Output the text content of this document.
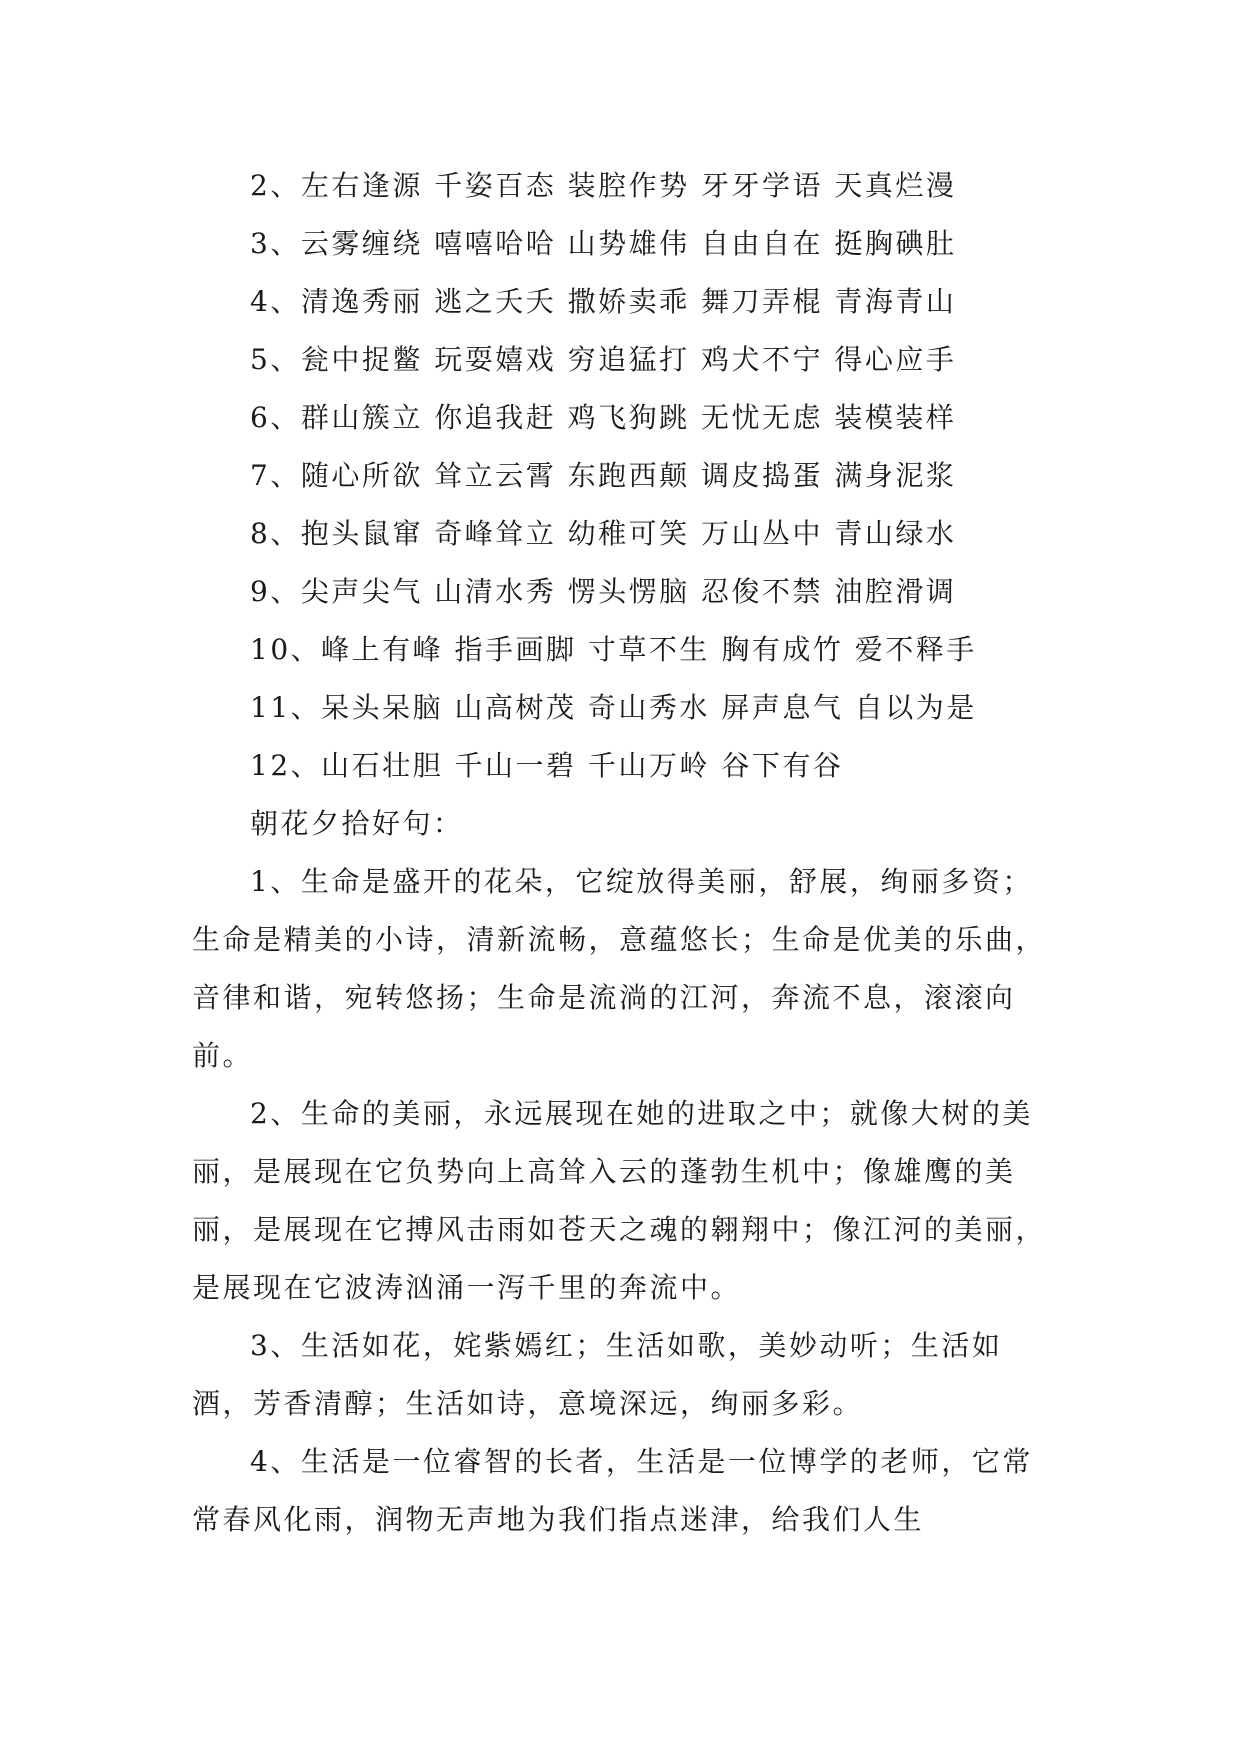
2、左右逢源 千姿百态 装腔作势 牙牙学语 天真烂漫
3、云雾缠绕 嘻嘻哈哈 山势雄伟 自由自在 挺胸碘肚
4、清逸秀丽 逃之夭夭 撒娇卖乖 舞刀弄棍 青海青山
5、瓮中捉鳖 玩耍嬉戏 穷追猛打 鸡犬不宁 得心应手
6、群山簇立 你追我赶 鸡飞狗跳 无忧无虑 装模装样
7、随心所欲 耸立云霄 东跑西颠 调皮捣蛋 满身泥浆
8、抱头鼠窜 奇峰耸立 幼稚可笑 万山丛中 青山绿水
9、尖声尖气 山清水秀 愣头愣脑 忍俊不禁 油腔滑调
10、峰上有峰 指手画脚 寸草不生 胸有成竹 爱不释手
11、呆头呆脑 山高树茂 奇山秀水 屏声息气 自以为是
12、山石壮胆 千山一碧 千山万岭 谷下有谷
朝花夕拾好句：

1、生命是盛开的花朵，它绽放得美丽，舒展，绚丽多资；生命是精美的小诗，清新流畅，意蕴悠长；生命是优美的乐曲，音律和谐，宛转悠扬；生命是流淌的江河，奔流不息，滚滚向前。

2、生命的美丽，永远展现在她的进取之中；就像大树的美丽，是展现在它负势向上高耸入云的蓬勃生机中；像雄鹰的美丽，是展现在它搏风击雨如苍天之魂的翱翔中；像江河的美丽，是展现在它波涛汹涌一泻千里的奔流中。

3、生活如花，姹紫嫣红；生活如歌，美妙动听；生活如酒，芳香清醇；生活如诗，意境深远，绚丽多彩。

4、生活是一位睿智的长者，生活是一位博学的老师，它常常春风化雨，润物无声地为我们指点迷津，给我们人生
